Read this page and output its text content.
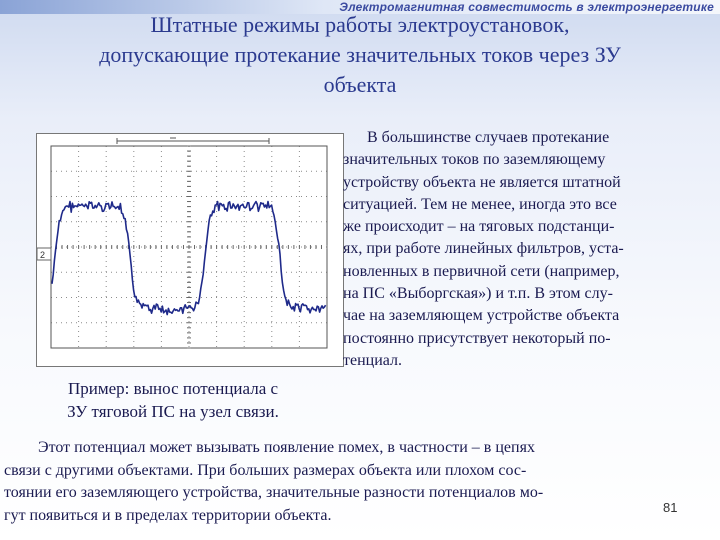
Электромагнитная совместимость в электроэнергетике
Штатные режимы работы электроустановок,
допускающие протекание значительных токов через ЗУ
объекта
2
Пример: вынос потенциала с
ЗУ тяговой ПС на узел связи.
В большинстве случаев протекание
значительных токов по заземляющему
устройству объекта не является штатной
ситуацией. Тем не менее, иногда это все
же происходит – на тяговых подстанци-
ях, при работе линейных фильтров, уста-
новленных в первичной сети (например,
на ПС «Выборгская») и т.п. В этом слу-
чае на заземляющем устройстве объекта
постоянно присутствует некоторый по-
тенциал.
Этот потенциал может вызывать появление помех, в частности – в цепях
связи с другими объектами. При больших размерах объекта или плохом сос-
тоянии его заземляющего устройства, значительные разности потенциалов мо-
гут появиться и в пределах территории объекта.	81
